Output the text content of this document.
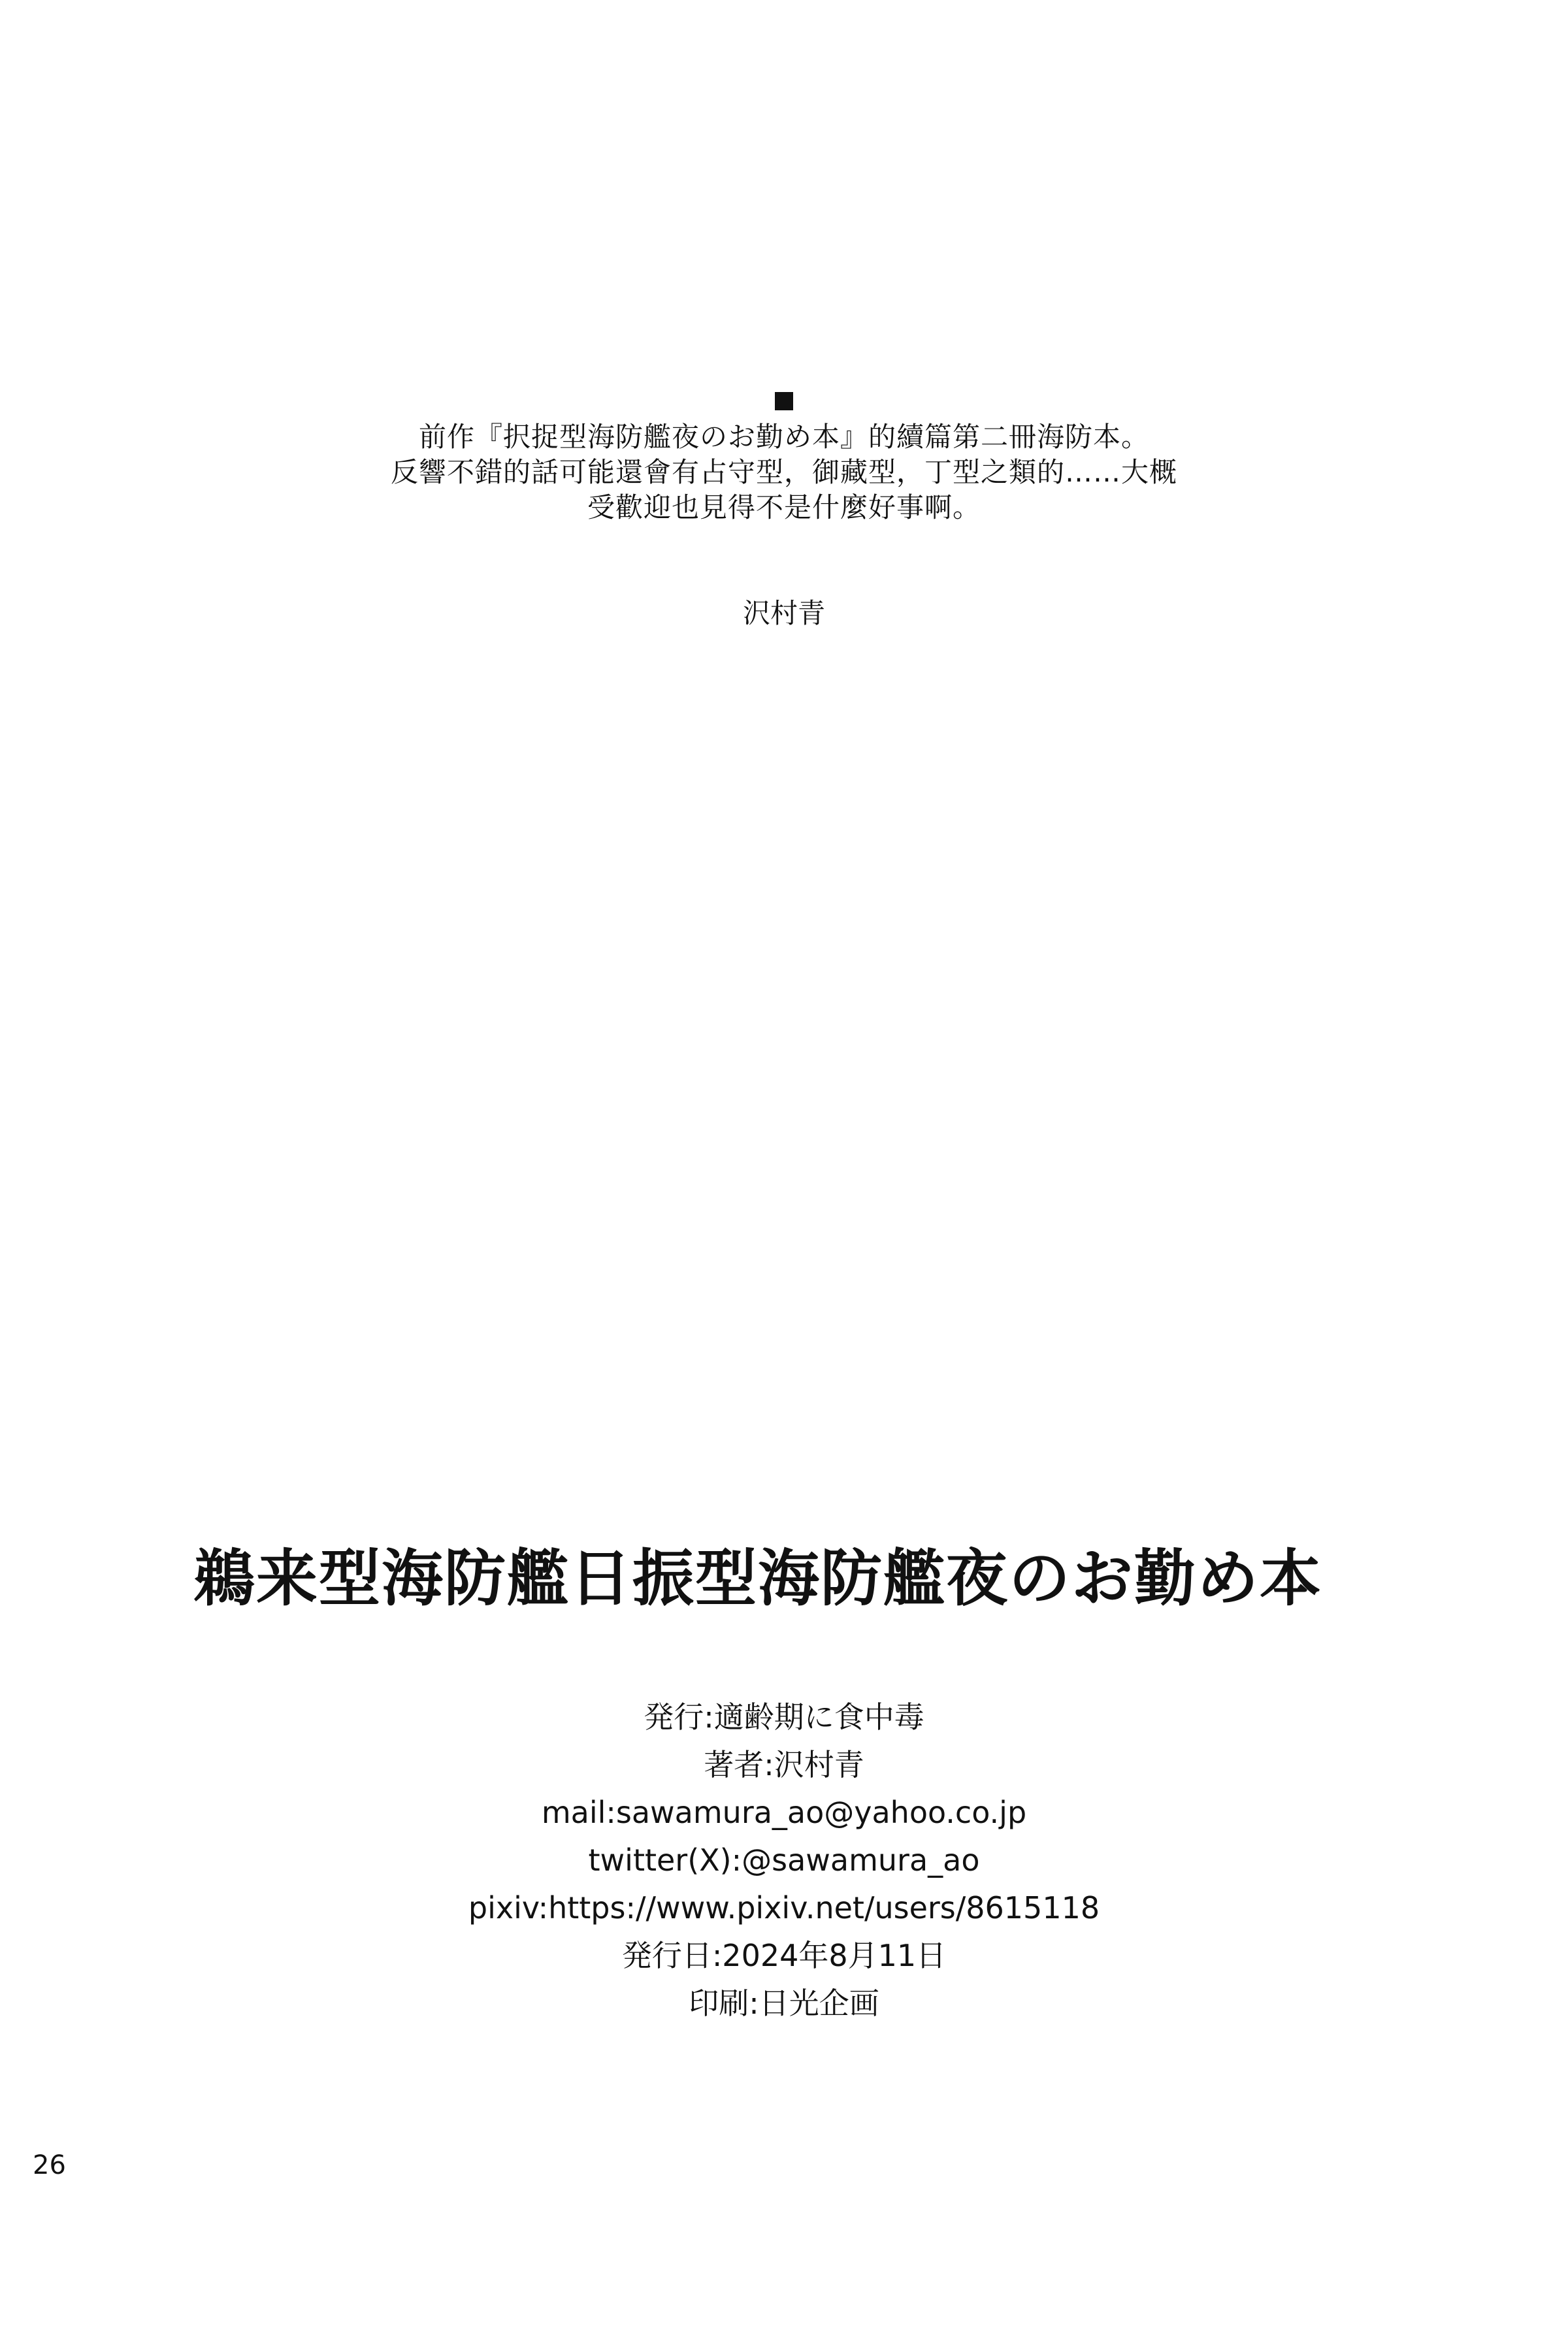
前作『択捉型海防艦夜のお勤め本』的續篇第二冊海防本。
反響不錯的話可能還會有占守型，御藏型，丁型之類的……大概
受歡迎也見得不是什麼好事啊。
沢村青
鵜来型海防艦日振型海防艦夜のお勤め本
発行:適齢期に食中毒
著者:沢村青
mail:sawamura_ao@yahoo.co.jp
twitter(X):@sawamura_ao
pixiv:https://www.pixiv.net/users/8615118
発行日:2024年8月11日
印刷:日光企画
26
